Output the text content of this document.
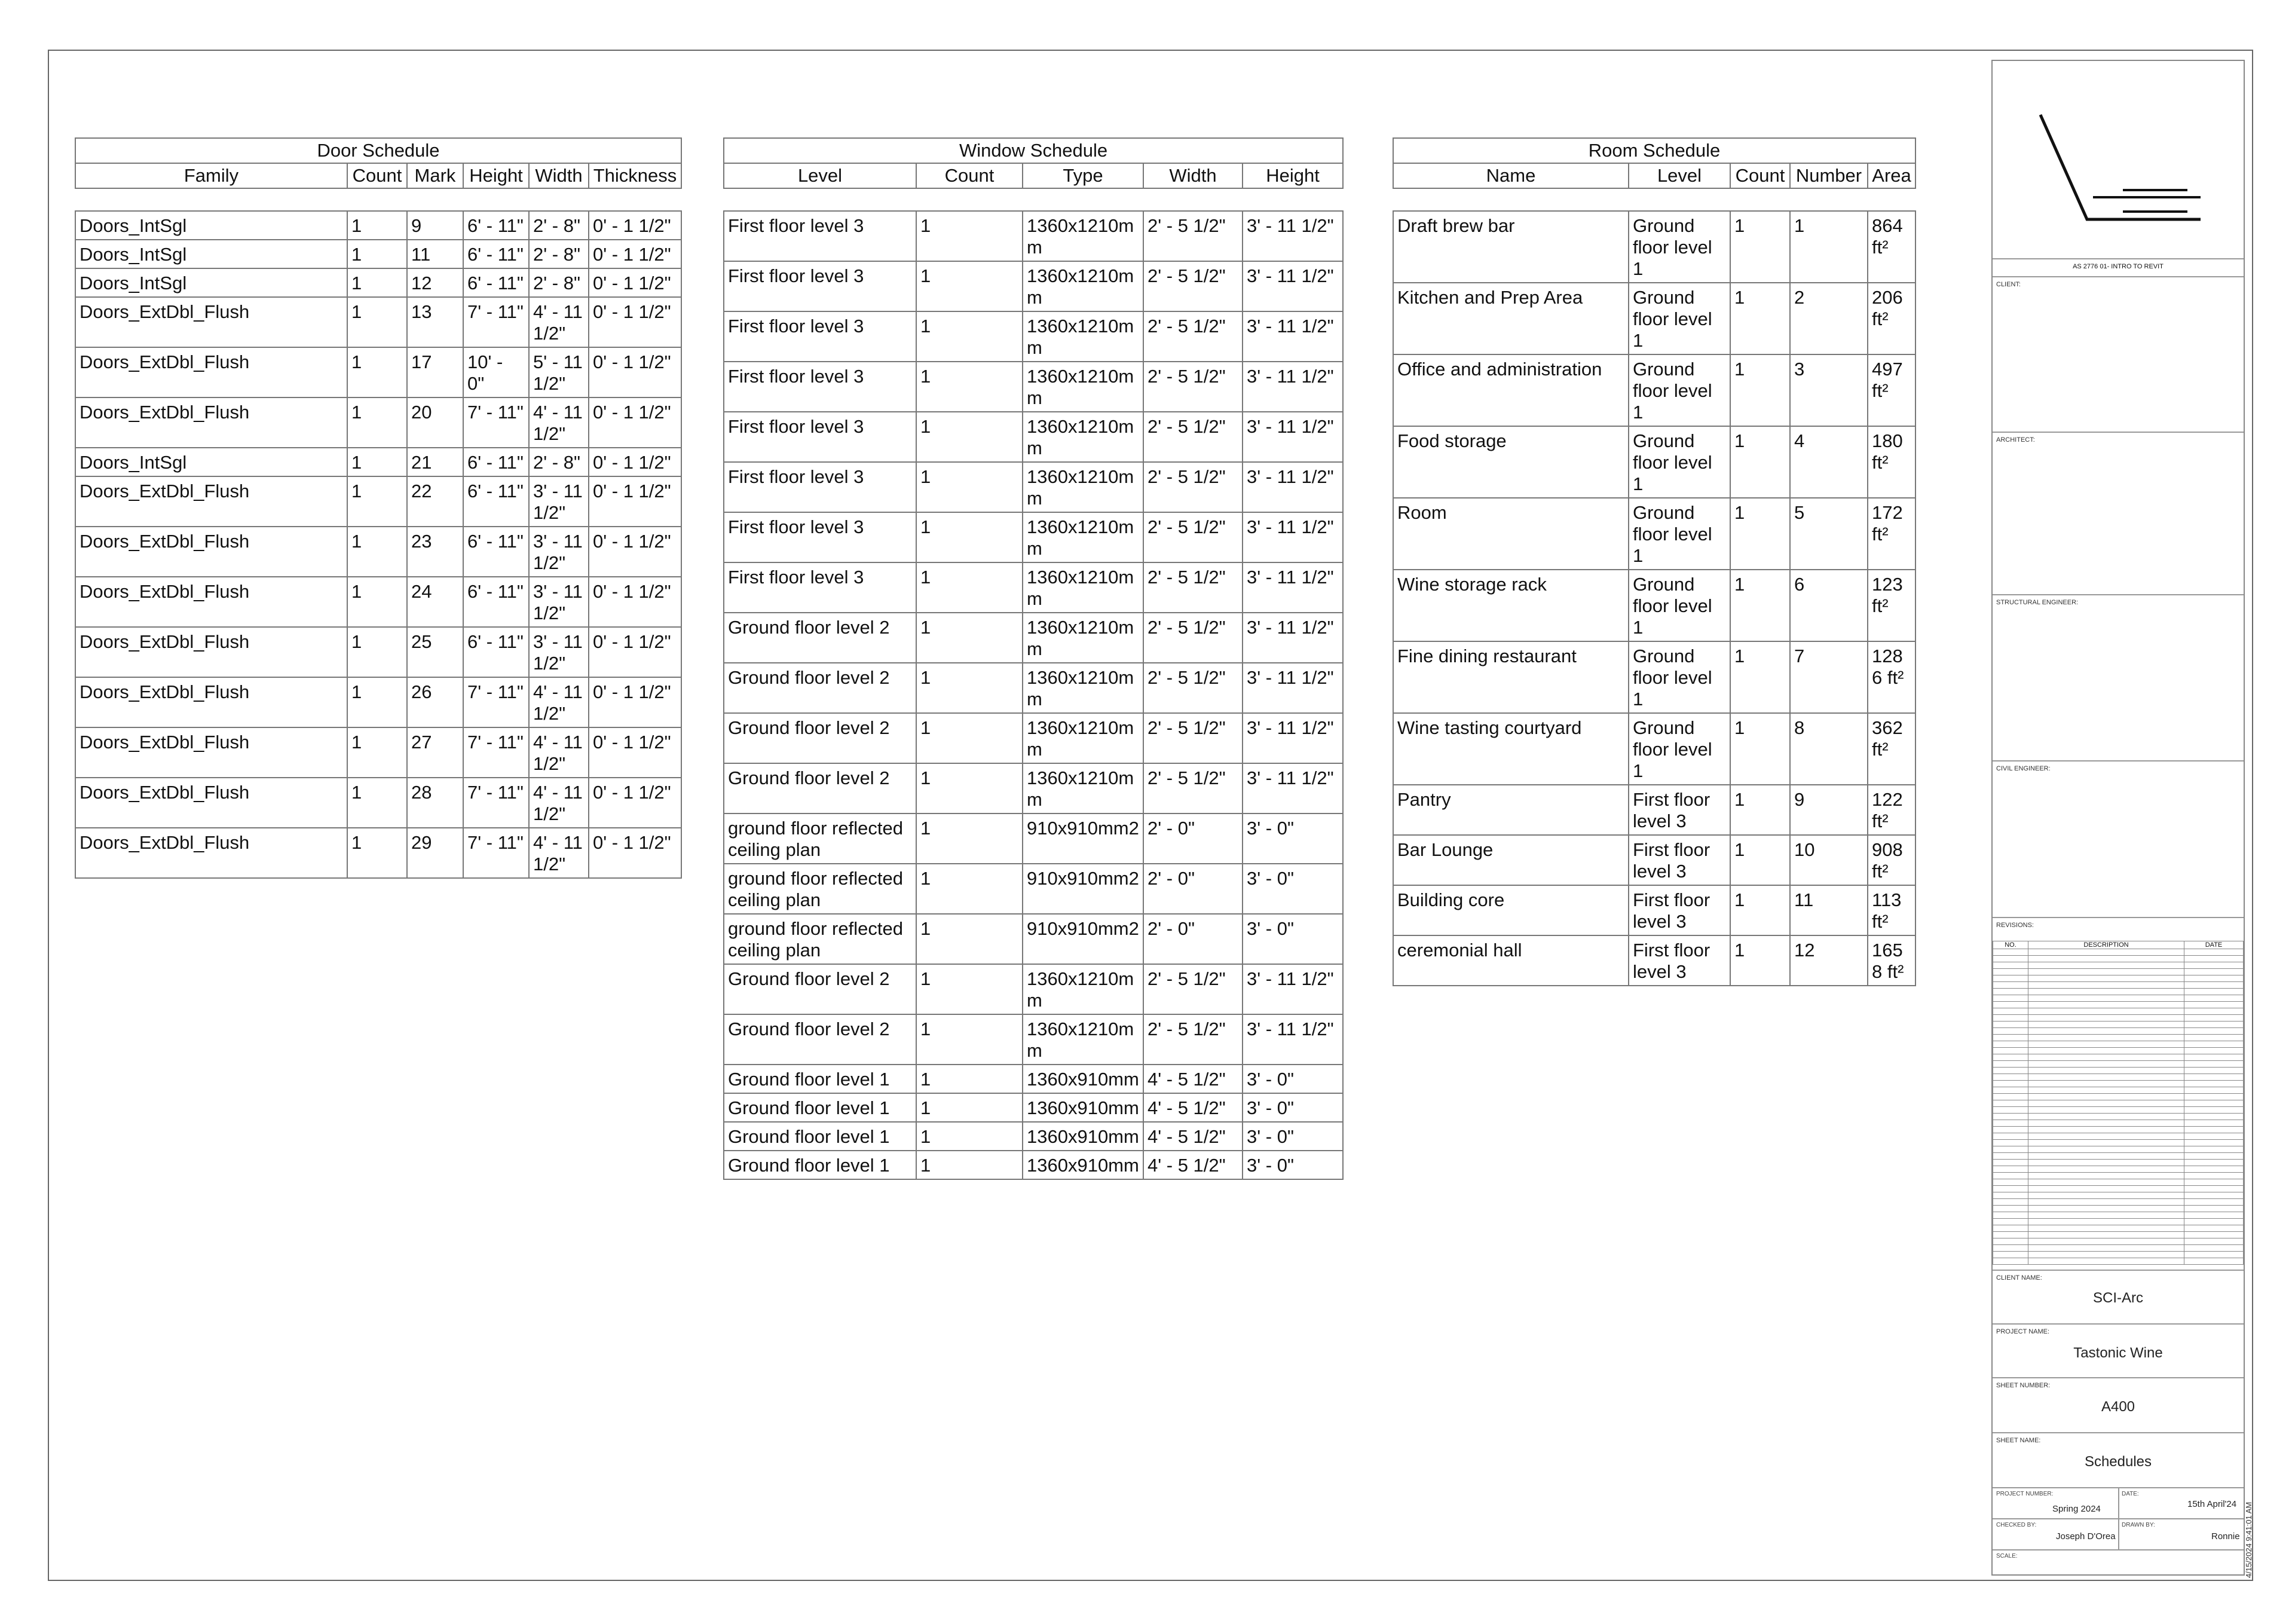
Door Schedule					
Family	Count	Mark	Height	Width	Thickness

Doors_IntSgl	1	9	6' - 11"	2' - 8"	0' - 1 1/2"
Doors_IntSgl	1	11	6' - 11"	2' - 8"	0' - 1 1/2"
Doors_IntSgl	1	12	6' - 11"	2' - 8"	0' - 1 1/2"
Doors_ExtDbl_Flush	1	13	7' - 11"	4' - 11 1/2"	0' - 1 1/2"
Doors_ExtDbl_Flush	1	17	10' - 0"	5' - 11 1/2"	0' - 1 1/2"
Doors_ExtDbl_Flush	1	20	7' - 11"	4' - 11 1/2"	0' - 1 1/2"
Doors_IntSgl	1	21	6' - 11"	2' - 8"	0' - 1 1/2"
Doors_ExtDbl_Flush	1	22	6' - 11"	3' - 11 1/2"	0' - 1 1/2"
Doors_ExtDbl_Flush	1	23	6' - 11"	3' - 11 1/2"	0' - 1 1/2"
Doors_ExtDbl_Flush	1	24	6' - 11"	3' - 11 1/2"	0' - 1 1/2"
Doors_ExtDbl_Flush	1	25	6' - 11"	3' - 11 1/2"	0' - 1 1/2"
Doors_ExtDbl_Flush	1	26	7' - 11"	4' - 11 1/2"	0' - 1 1/2"
Doors_ExtDbl_Flush	1	27	7' - 11"	4' - 11 1/2"	0' - 1 1/2"
Doors_ExtDbl_Flush	1	28	7' - 11"	4' - 11 1/2"	0' - 1 1/2"
Doors_ExtDbl_Flush	1	29	7' - 11"	4' - 11 1/2"	0' - 1 1/2"
Window Schedule				
Level	Count	Type	Width	Height

First floor level 3	1	1360x1210mm	2' - 5 1/2"	3' - 11 1/2"
First floor level 3	1	1360x1210mm	2' - 5 1/2"	3' - 11 1/2"
First floor level 3	1	1360x1210mm	2' - 5 1/2"	3' - 11 1/2"
First floor level 3	1	1360x1210mm	2' - 5 1/2"	3' - 11 1/2"
First floor level 3	1	1360x1210mm	2' - 5 1/2"	3' - 11 1/2"
First floor level 3	1	1360x1210mm	2' - 5 1/2"	3' - 11 1/2"
First floor level 3	1	1360x1210mm	2' - 5 1/2"	3' - 11 1/2"
First floor level 3	1	1360x1210mm	2' - 5 1/2"	3' - 11 1/2"
Ground floor level 2	1	1360x1210mm	2' - 5 1/2"	3' - 11 1/2"
Ground floor level 2	1	1360x1210mm	2' - 5 1/2"	3' - 11 1/2"
Ground floor level 2	1	1360x1210mm	2' - 5 1/2"	3' - 11 1/2"
Ground floor level 2	1	1360x1210mm	2' - 5 1/2"	3' - 11 1/2"
ground floor reflected ceiling plan	1	910x910mm2	2' - 0"	3' - 0"
ground floor reflected ceiling plan	1	910x910mm2	2' - 0"	3' - 0"
ground floor reflected ceiling plan	1	910x910mm2	2' - 0"	3' - 0"
Ground floor level 2	1	1360x1210mm	2' - 5 1/2"	3' - 11 1/2"
Ground floor level 2	1	1360x1210mm	2' - 5 1/2"	3' - 11 1/2"
Ground floor level 1	1	1360x910mm	4' - 5 1/2"	3' - 0"
Ground floor level 1	1	1360x910mm	4' - 5 1/2"	3' - 0"
Ground floor level 1	1	1360x910mm	4' - 5 1/2"	3' - 0"
Ground floor level 1	1	1360x910mm	4' - 5 1/2"	3' - 0"
Room Schedule				
Name	Level	Count	Number	Area

Draft brew bar	Ground floor level 1	1	1	864 ft²
Kitchen and Prep Area	Ground floor level 1	1	2	206 ft²
Office and administration	Ground floor level 1	1	3	497 ft²
Food storage	Ground floor level 1	1	4	180 ft²
Room	Ground floor level 1	1	5	172 ft²
Wine storage rack	Ground floor level 1	1	6	123 ft²
Fine dining restaurant	Ground floor level 1	1	7	1286 ft²
Wine tasting courtyard	Ground floor level 1	1	8	362 ft²
Pantry	First floor level 3	1	9	122 ft²
Bar Lounge	First floor level 3	1	10	908 ft²
Building core	First floor level 3	1	11	113 ft²
ceremonial hall	First floor level 3	1	12	1658 ft²
AS 2776 01- INTRO TO REVIT
CLIENT:
ARCHITECT:
STRUCTURAL ENGINEER:
CIVIL ENGINEER:
REVISIONS:
NO.	DESCRIPTION	DATE

CLIENT NAME:
SCI-Arc
PROJECT NAME:
Tastonic Wine
SHEET NUMBER:
A400
SHEET NAME:
Schedules
PROJECT NUMBER:
Spring 2024
DATE:
15th April'24
CHECKED BY:
Joseph D'Orea
DRAWN BY:
Ronnie
SCALE:	4/15/2024 9:41:01 AM
